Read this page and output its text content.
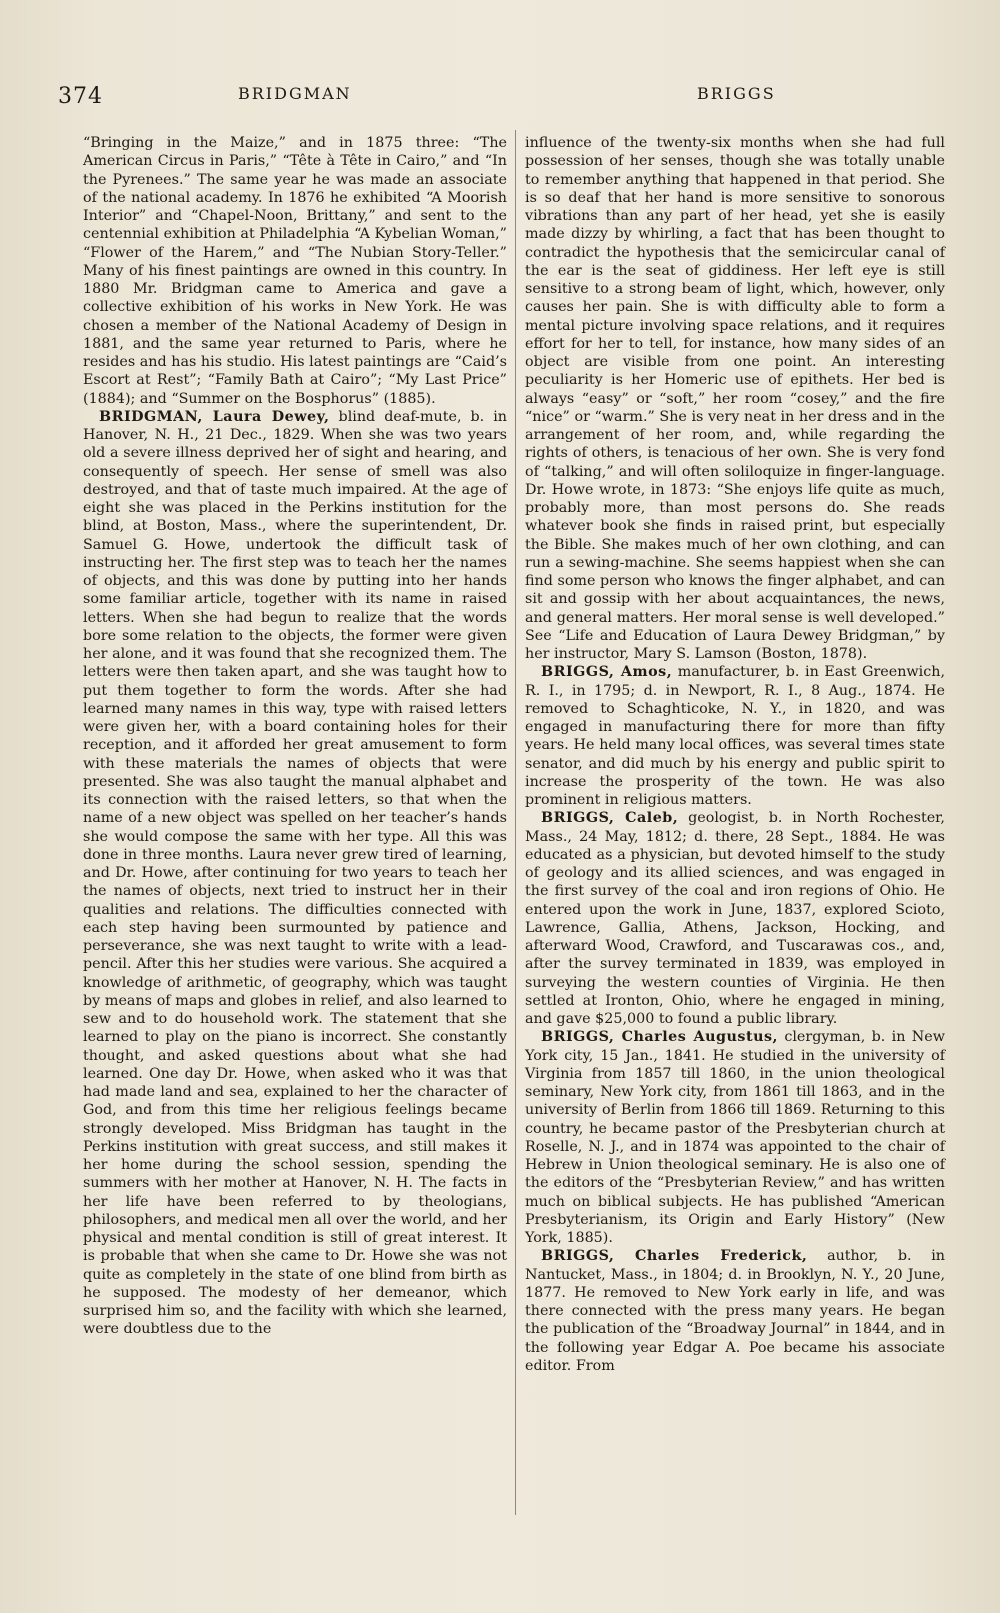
374	BRIDGMAN	BRIGGS

“Bringing in the Maize,” and in 1875 three: “The American Circus in Paris,” “Tête à Tête in Cairo,” and “In the Pyrenees.” The same year he was made an associate of the national academy. In 1876 he exhibited “A Moorish Interior” and “Chapel-Noon, Brittany,” and sent to the centennial exhibition at Philadelphia “A Kybelian Woman,” “Flower of the Harem,” and “The Nubian Story-Teller.” Many of his finest paintings are owned in this country. In 1880 Mr. Bridgman came to America and gave a collective exhibition of his works in New York. He was chosen a member of the National Academy of Design in 1881, and the same year returned to Paris, where he resides and has his studio. His latest paintings are “Caid’s Escort at Rest”; “Family Bath at Cairo”; “My Last Price” (1884); and “Summer on the Bosphorus” (1885).

BRIDGMAN, Laura Dewey, blind deaf-mute, b. in Hanover, N. H., 21 Dec., 1829. When she was two years old a severe illness deprived her of sight and hearing, and consequently of speech. Her sense of smell was also destroyed, and that of taste much impaired. At the age of eight she was placed in the Perkins institution for the blind, at Boston, Mass., where the superintendent, Dr. Samuel G. Howe, undertook the difficult task of instructing her. The first step was to teach her the names of objects, and this was done by putting into her hands some familiar article, together with its name in raised letters. When she had begun to realize that the words bore some relation to the objects, the former were given her alone, and it was found that she recognized them. The letters were then taken apart, and she was taught how to put them together to form the words. After she had learned many names in this way, type with raised letters were given her, with a board containing holes for their reception, and it afforded her great amusement to form with these materials the names of objects that were presented. She was also taught the manual alphabet and its connection with the raised letters, so that when the name of a new object was spelled on her teacher’s hands she would compose the same with her type. All this was done in three months. Laura never grew tired of learning, and Dr. Howe, after continuing for two years to teach her the names of objects, next tried to instruct her in their qualities and relations. The difficulties connected with each step having been surmounted by patience and perseverance, she was next taught to write with a lead-pencil. After this her studies were various. She acquired a knowledge of arithmetic, of geography, which was taught by means of maps and globes in relief, and also learned to sew and to do household work. The statement that she learned to play on the piano is incorrect. She constantly thought, and asked questions about what she had learned. One day Dr. Howe, when asked who it was that had made land and sea, explained to her the character of God, and from this time her religious feelings became strongly developed. Miss Bridgman has taught in the Perkins institution with great success, and still makes it her home during the school session, spending the summers with her mother at Hanover, N. H. The facts in her life have been referred to by theologians, philosophers, and medical men all over the world, and her physical and mental condition is still of great interest. It is probable that when she came to Dr. Howe she was not quite as completely in the state of one blind from birth as he supposed. The modesty of her demeanor, which surprised him so, and the facility with which she learned, were doubtless due to the

influence of the twenty-six months when she had full possession of her senses, though she was totally unable to remember anything that happened in that period. She is so deaf that her hand is more sensitive to sonorous vibrations than any part of her head, yet she is easily made dizzy by whirling, a fact that has been thought to contradict the hypothesis that the semicircular canal of the ear is the seat of giddiness. Her left eye is still sensitive to a strong beam of light, which, however, only causes her pain. She is with difficulty able to form a mental picture involving space relations, and it requires effort for her to tell, for instance, how many sides of an object are visible from one point. An interesting peculiarity is her Homeric use of epithets. Her bed is always “easy” or “soft,” her room “cosey,” and the fire “nice” or “warm.” She is very neat in her dress and in the arrangement of her room, and, while regarding the rights of others, is tenacious of her own. She is very fond of “talking,” and will often soliloquize in finger-language. Dr. Howe wrote, in 1873: “She enjoys life quite as much, probably more, than most persons do. She reads whatever book she finds in raised print, but especially the Bible. She makes much of her own clothing, and can run a sewing-machine. She seems happiest when she can find some person who knows the finger alphabet, and can sit and gossip with her about acquaintances, the news, and general matters. Her moral sense is well developed.” See “Life and Education of Laura Dewey Bridgman,” by her instructor, Mary S. Lamson (Boston, 1878).

BRIGGS, Amos, manufacturer, b. in East Greenwich, R. I., in 1795; d. in Newport, R. I., 8 Aug., 1874. He removed to Schaghticoke, N. Y., in 1820, and was engaged in manufacturing there for more than fifty years. He held many local offices, was several times state senator, and did much by his energy and public spirit to increase the prosperity of the town. He was also prominent in religious matters.

BRIGGS, Caleb, geologist, b. in North Rochester, Mass., 24 May, 1812; d. there, 28 Sept., 1884. He was educated as a physician, but devoted himself to the study of geology and its allied sciences, and was engaged in the first survey of the coal and iron regions of Ohio. He entered upon the work in June, 1837, explored Scioto, Lawrence, Gallia, Athens, Jackson, Hocking, and afterward Wood, Crawford, and Tuscarawas cos., and, after the survey terminated in 1839, was employed in surveying the western counties of Virginia. He then settled at Ironton, Ohio, where he engaged in mining, and gave $25,000 to found a public library.

BRIGGS, Charles Augustus, clergyman, b. in New York city, 15 Jan., 1841. He studied in the university of Virginia from 1857 till 1860, in the union theological seminary, New York city, from 1861 till 1863, and in the university of Berlin from 1866 till 1869. Returning to this country, he became pastor of the Presbyterian church at Roselle, N. J., and in 1874 was appointed to the chair of Hebrew in Union theological seminary. He is also one of the editors of the “Presbyterian Review,” and has written much on biblical subjects. He has published “American Presbyterianism, its Origin and Early History” (New York, 1885).

BRIGGS, Charles Frederick, author, b. in Nantucket, Mass., in 1804; d. in Brooklyn, N. Y., 20 June, 1877. He removed to New York early in life, and was there connected with the press many years. He began the publication of the “Broadway Journal” in 1844, and in the following year Edgar A. Poe became his associate editor. From
